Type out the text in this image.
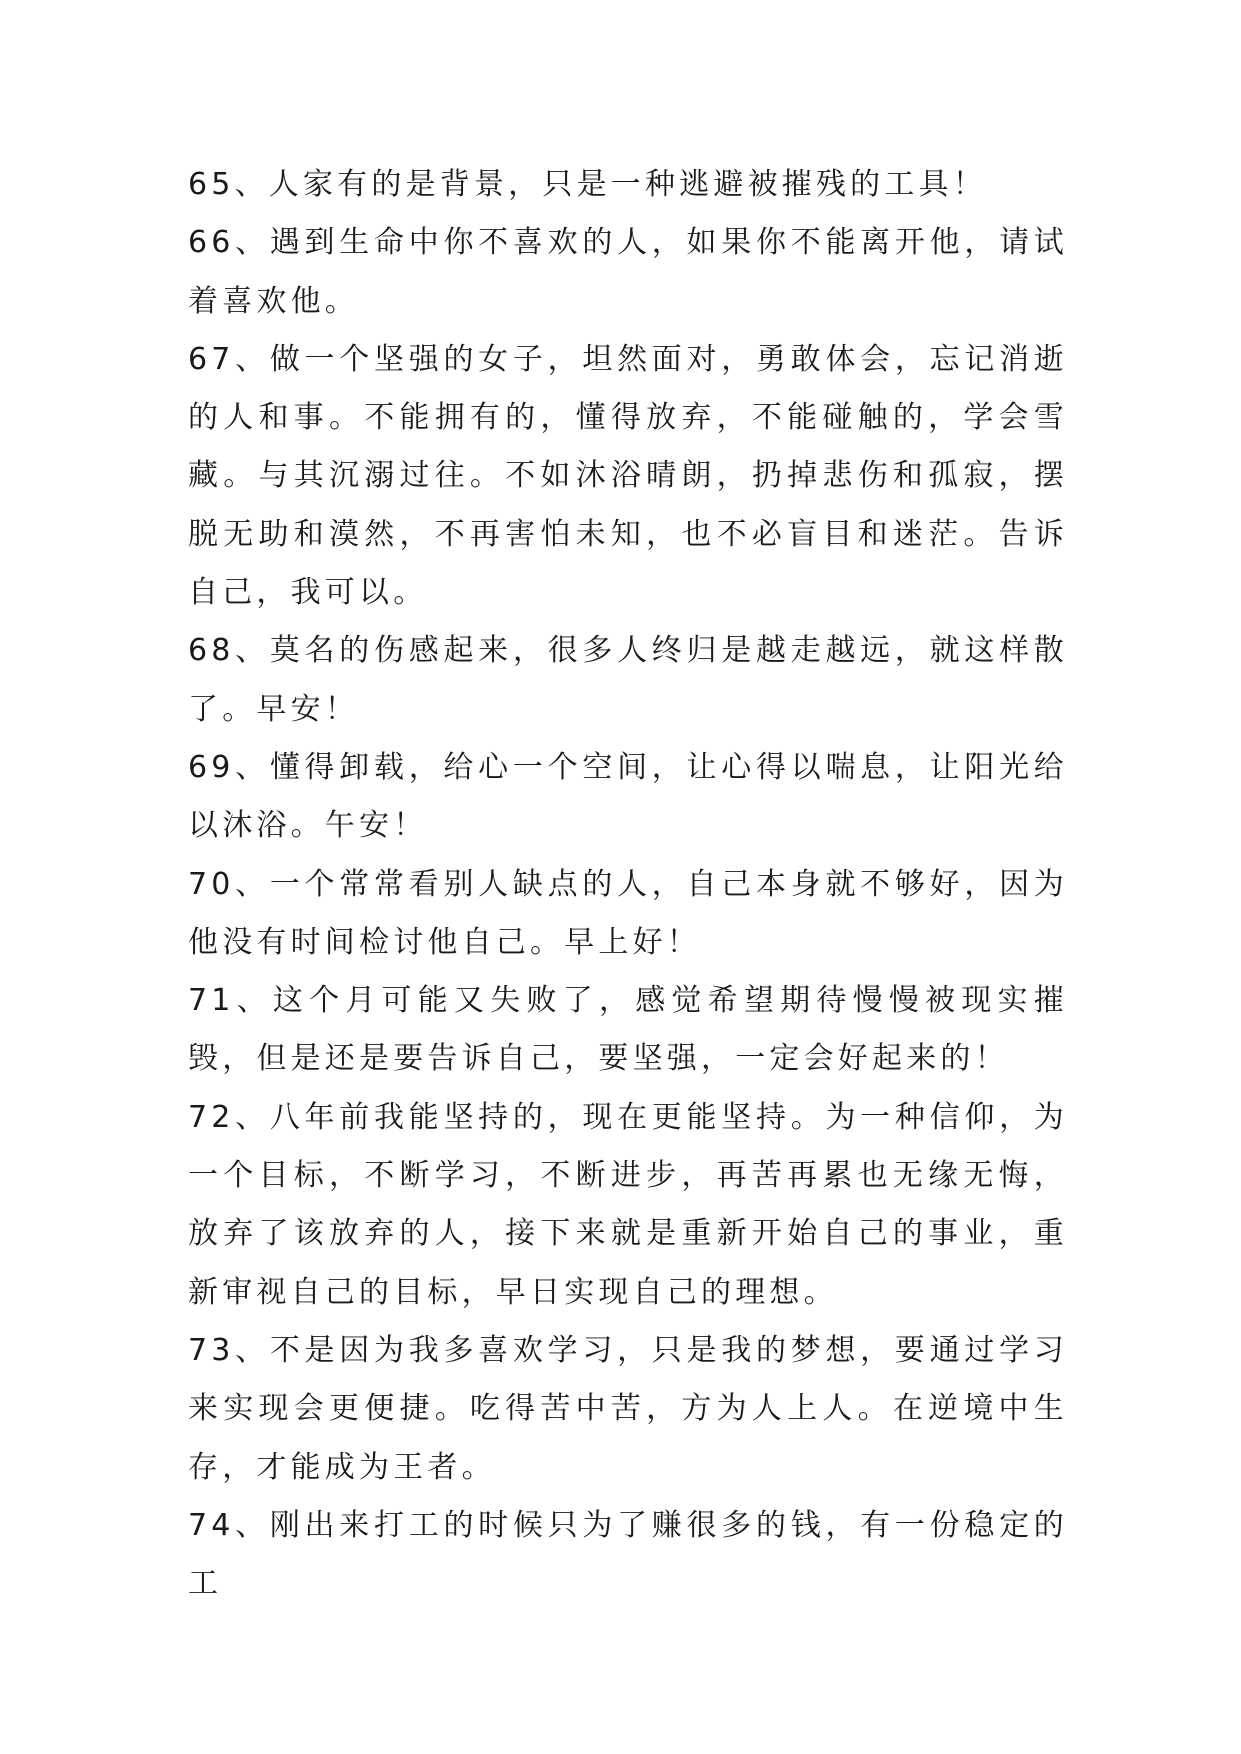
65、人家有的是背景，只是一种逃避被摧残的工具！

66、遇到生命中你不喜欢的人，如果你不能离开他，请试着喜欢他。

67、做一个坚强的女子，坦然面对，勇敢体会，忘记消逝的人和事。不能拥有的，懂得放弃，不能碰触的，学会雪藏。与其沉溺过往。不如沐浴晴朗，扔掉悲伤和孤寂，摆脱无助和漠然，不再害怕未知，也不必盲目和迷茫。告诉自己，我可以。

68、莫名的伤感起来，很多人终归是越走越远，就这样散了。早安！

69、懂得卸载，给心一个空间，让心得以喘息，让阳光给以沐浴。午安！

70、一个常常看别人缺点的人，自己本身就不够好，因为他没有时间检讨他自己。早上好！

71、这个月可能又失败了，感觉希望期待慢慢被现实摧毁，但是还是要告诉自己，要坚强，一定会好起来的！

72、八年前我能坚持的，现在更能坚持。为一种信仰，为一个目标，不断学习，不断进步，再苦再累也无缘无悔，放弃了该放弃的人，接下来就是重新开始自己的事业，重新审视自己的目标，早日实现自己的理想。

73、不是因为我多喜欢学习，只是我的梦想，要通过学习来实现会更便捷。吃得苦中苦，方为人上人。在逆境中生存，才能成为王者。

74、刚出来打工的时候只为了赚很多的钱，有一份稳定的工
